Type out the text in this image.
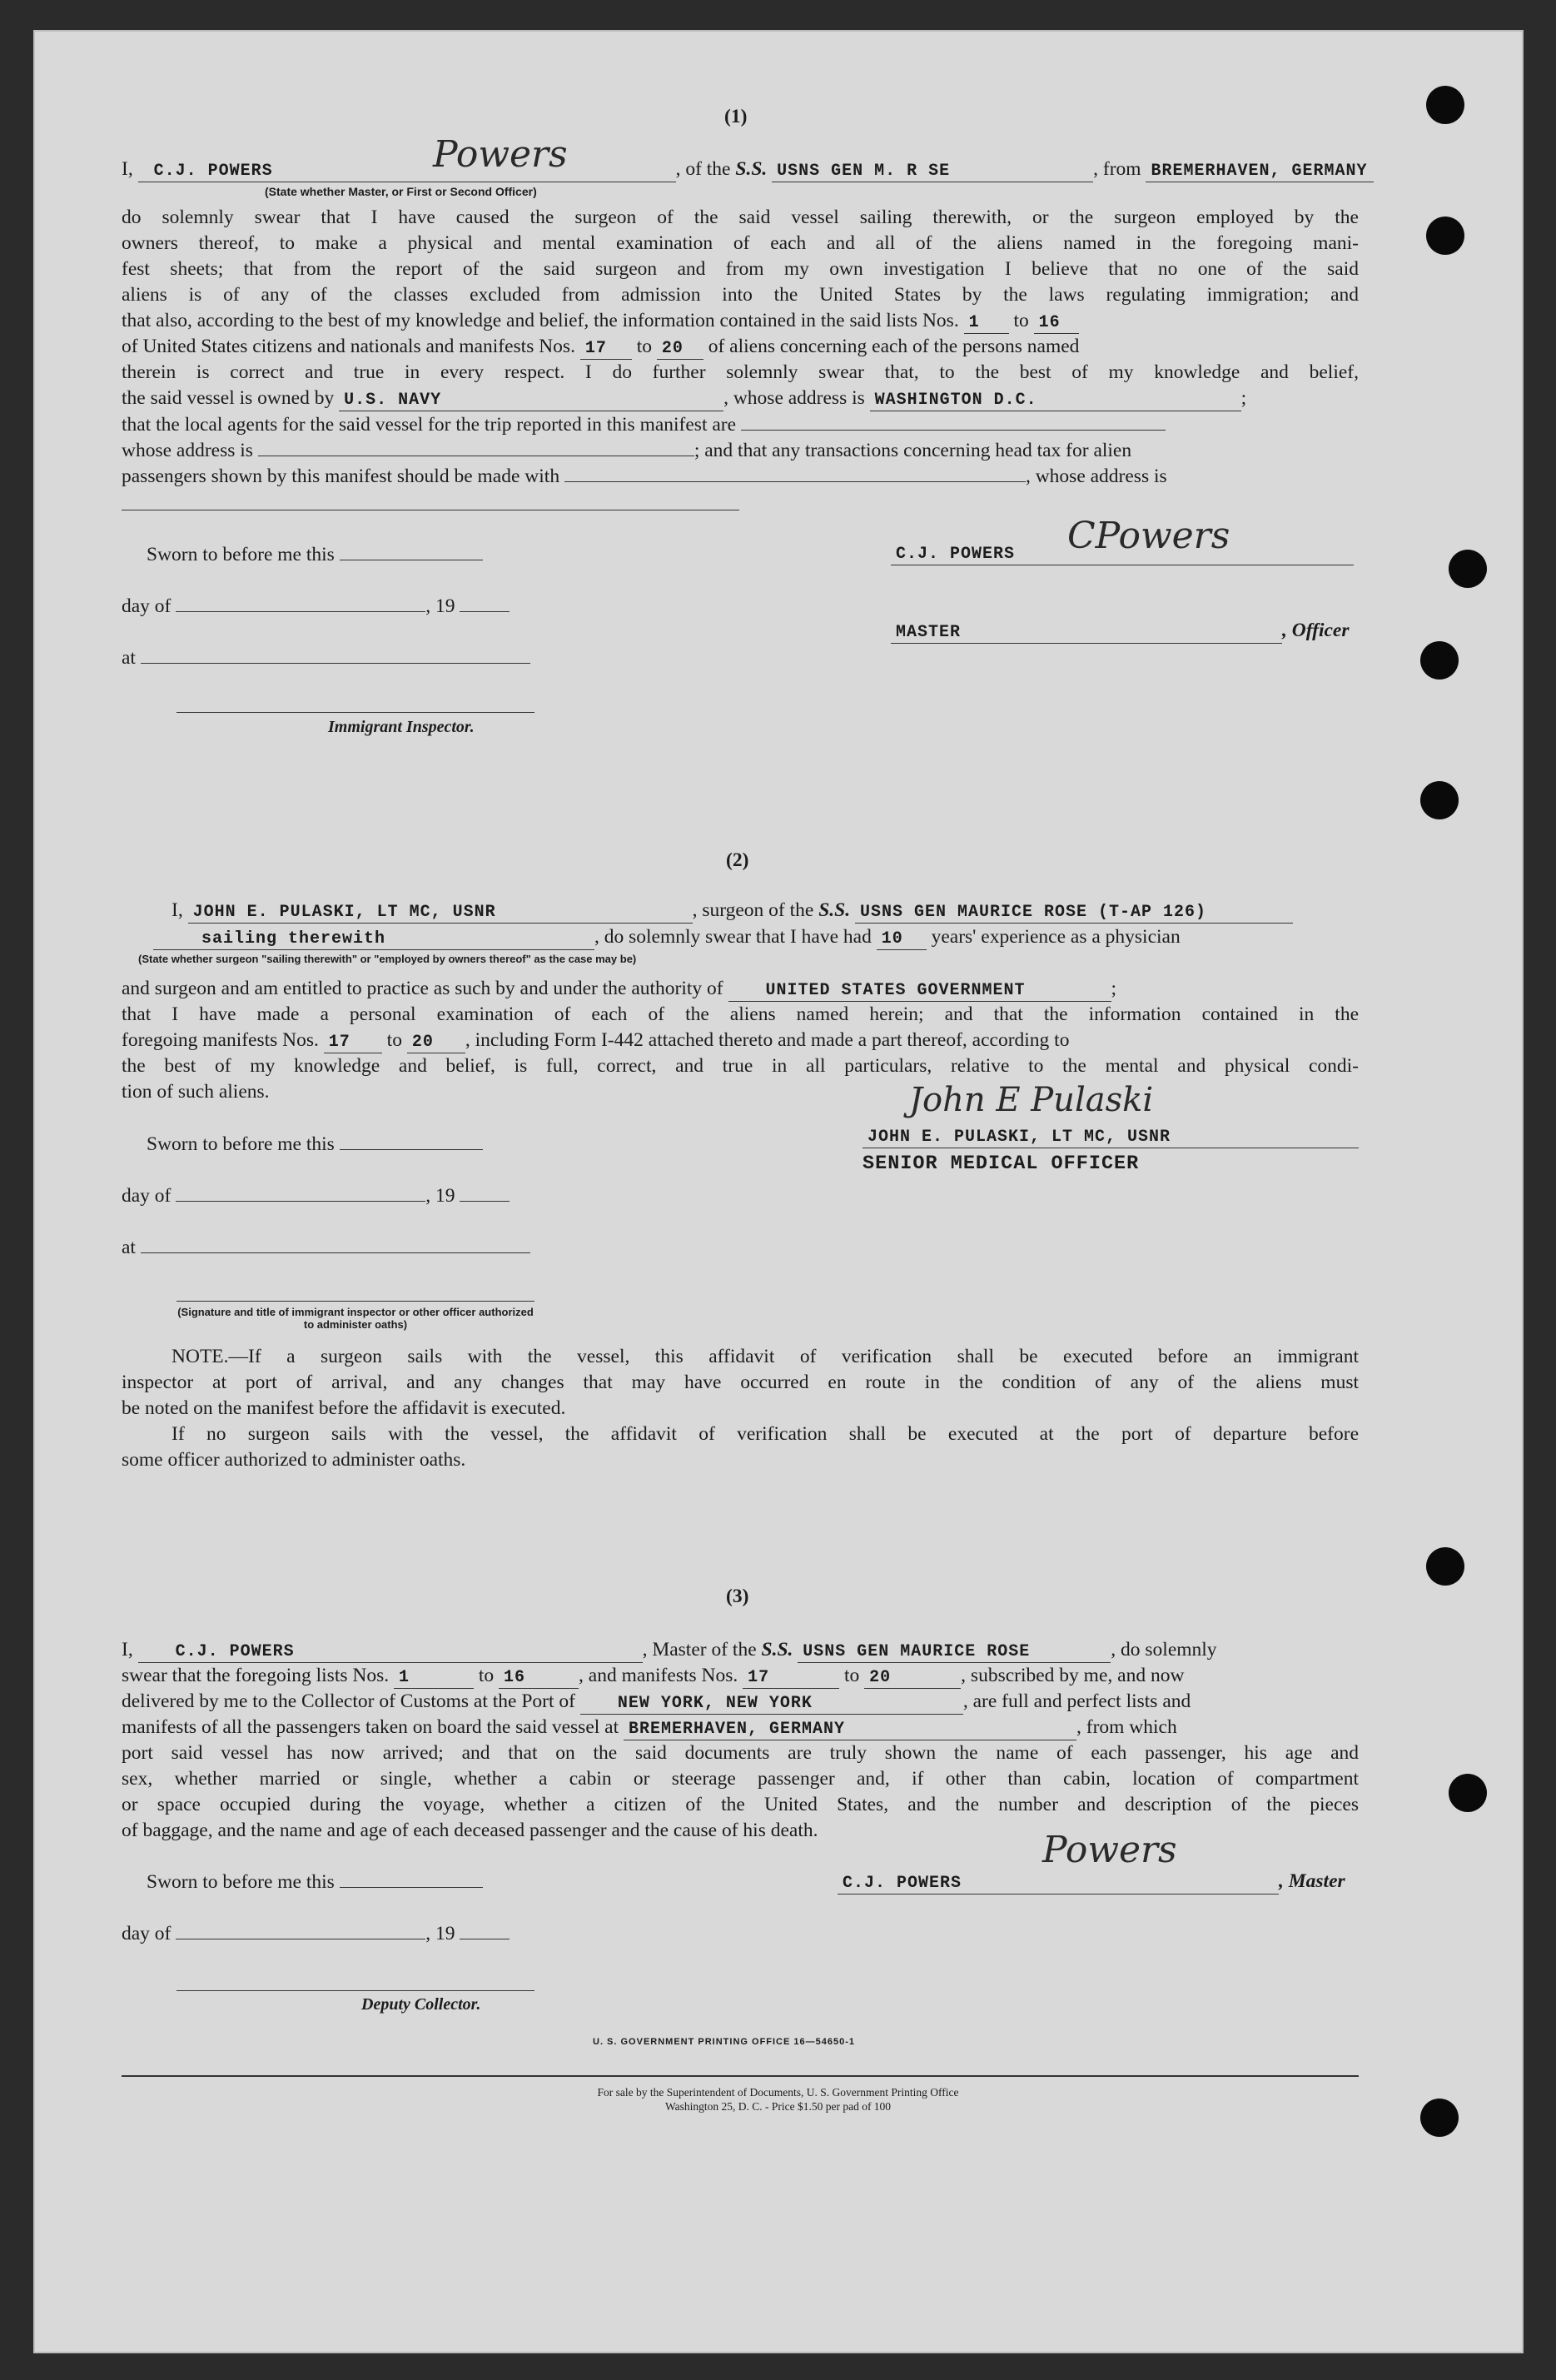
(1)
I, C.J. POWERS	, of the S.S. USNS GEN M. R SE	, from BREMERHAVEN, GERMANY
Powers
(State whether Master, or First or Second Officer)
do solemnly swear that I have caused the surgeon of the said vessel sailing therewith, or the surgeon employed by the
owners thereof, to make a physical and mental examination of each and all of the aliens named in the foregoing mani-
fest sheets; that from the report of the said surgeon and from my own investigation I believe that no one of the said
aliens is of any of the classes excluded from admission into the United States by the laws regulating immigration; and
that also, according to the best of my knowledge and belief, the information contained in the said lists Nos. 1 to 16
of United States citizens and nationals and manifests Nos. 17 to 20 of aliens concerning each of the persons named
therein is correct and true in every respect. I do further solemnly swear that, to the best of my knowledge and belief,
the said vessel is owned by U.S. NAVY	, whose address is WASHINGTON D.C.	;
that the local agents for the said vessel for the trip reported in this manifest are
whose address is	; and that any transactions concerning head tax for alien
passengers shown by this manifest should be made with	, whose address is
Sworn to before me this
day of	, 19
at
Immigrant Inspector.
C.J. POWERS	CPowers
MASTER	, Officer
(2)
I, JOHN E. PULASKI, LT MC, USNR	, surgeon of the S.S. USNS GEN MAURICE ROSE (T-AP 126)
sailing therewith	, do solemnly swear that I have had 10 years' experience as a physician
(State whether surgeon "sailing therewith" or "employed by owners thereof" as the case may be)
and surgeon and am entitled to practice as such by and under the authority of	UNITED STATES GOVERNMENT	;
that I have made a personal examination of each of the aliens named herein; and that the information contained in the
foregoing manifests Nos. 17 to 20 , including Form I-442 attached thereto and made a part thereof, according to
the best of my knowledge and belief, is full, correct, and true in all particulars, relative to the mental and physical condi-
tion of such aliens.
Sworn to before me this
day of	, 19
at
(Signature and title of immigrant inspector or other officer authorized to administer oaths)
John E Pulaski
JOHN E. PULASKI, LT MC, USNR
SENIOR MEDICAL OFFICER
NOTE.—If a surgeon sails with the vessel, this affidavit of verification shall be executed before an immigrant
inspector at port of arrival, and any changes that may have occurred en route in the condition of any of the aliens must
be noted on the manifest before the affidavit is executed.
If no surgeon sails with the vessel, the affidavit of verification shall be executed at the port of departure before
some officer authorized to administer oaths.
(3)
I,	C.J. POWERS	, Master of the S.S. USNS GEN MAURICE ROSE	, do solemnly
swear that the foregoing lists Nos. 1	to 16	, and manifests Nos. 17	to 20	, subscribed by me, and now
delivered by me to the Collector of Customs at the Port of	NEW YORK, NEW YORK	, are full and perfect lists and
manifests of all the passengers taken on board the said vessel at BREMERHAVEN, GERMANY	, from which
port said vessel has now arrived; and that on the said documents are truly shown the name of each passenger, his age and
sex, whether married or single, whether a cabin or steerage passenger and, if other than cabin, location of compartment
or space occupied during the voyage, whether a citizen of the United States, and the number and description of the pieces
of baggage, and the name and age of each deceased passenger and the cause of his death.
Sworn to before me this
day of	, 19
Deputy Collector.
Powers
C.J. POWERS	, Master
U. S. GOVERNMENT PRINTING OFFICE 16—54650-1
For sale by the Superintendent of Documents, U. S. Government Printing Office
Washington 25, D. C. - Price $1.50 per pad of 100
